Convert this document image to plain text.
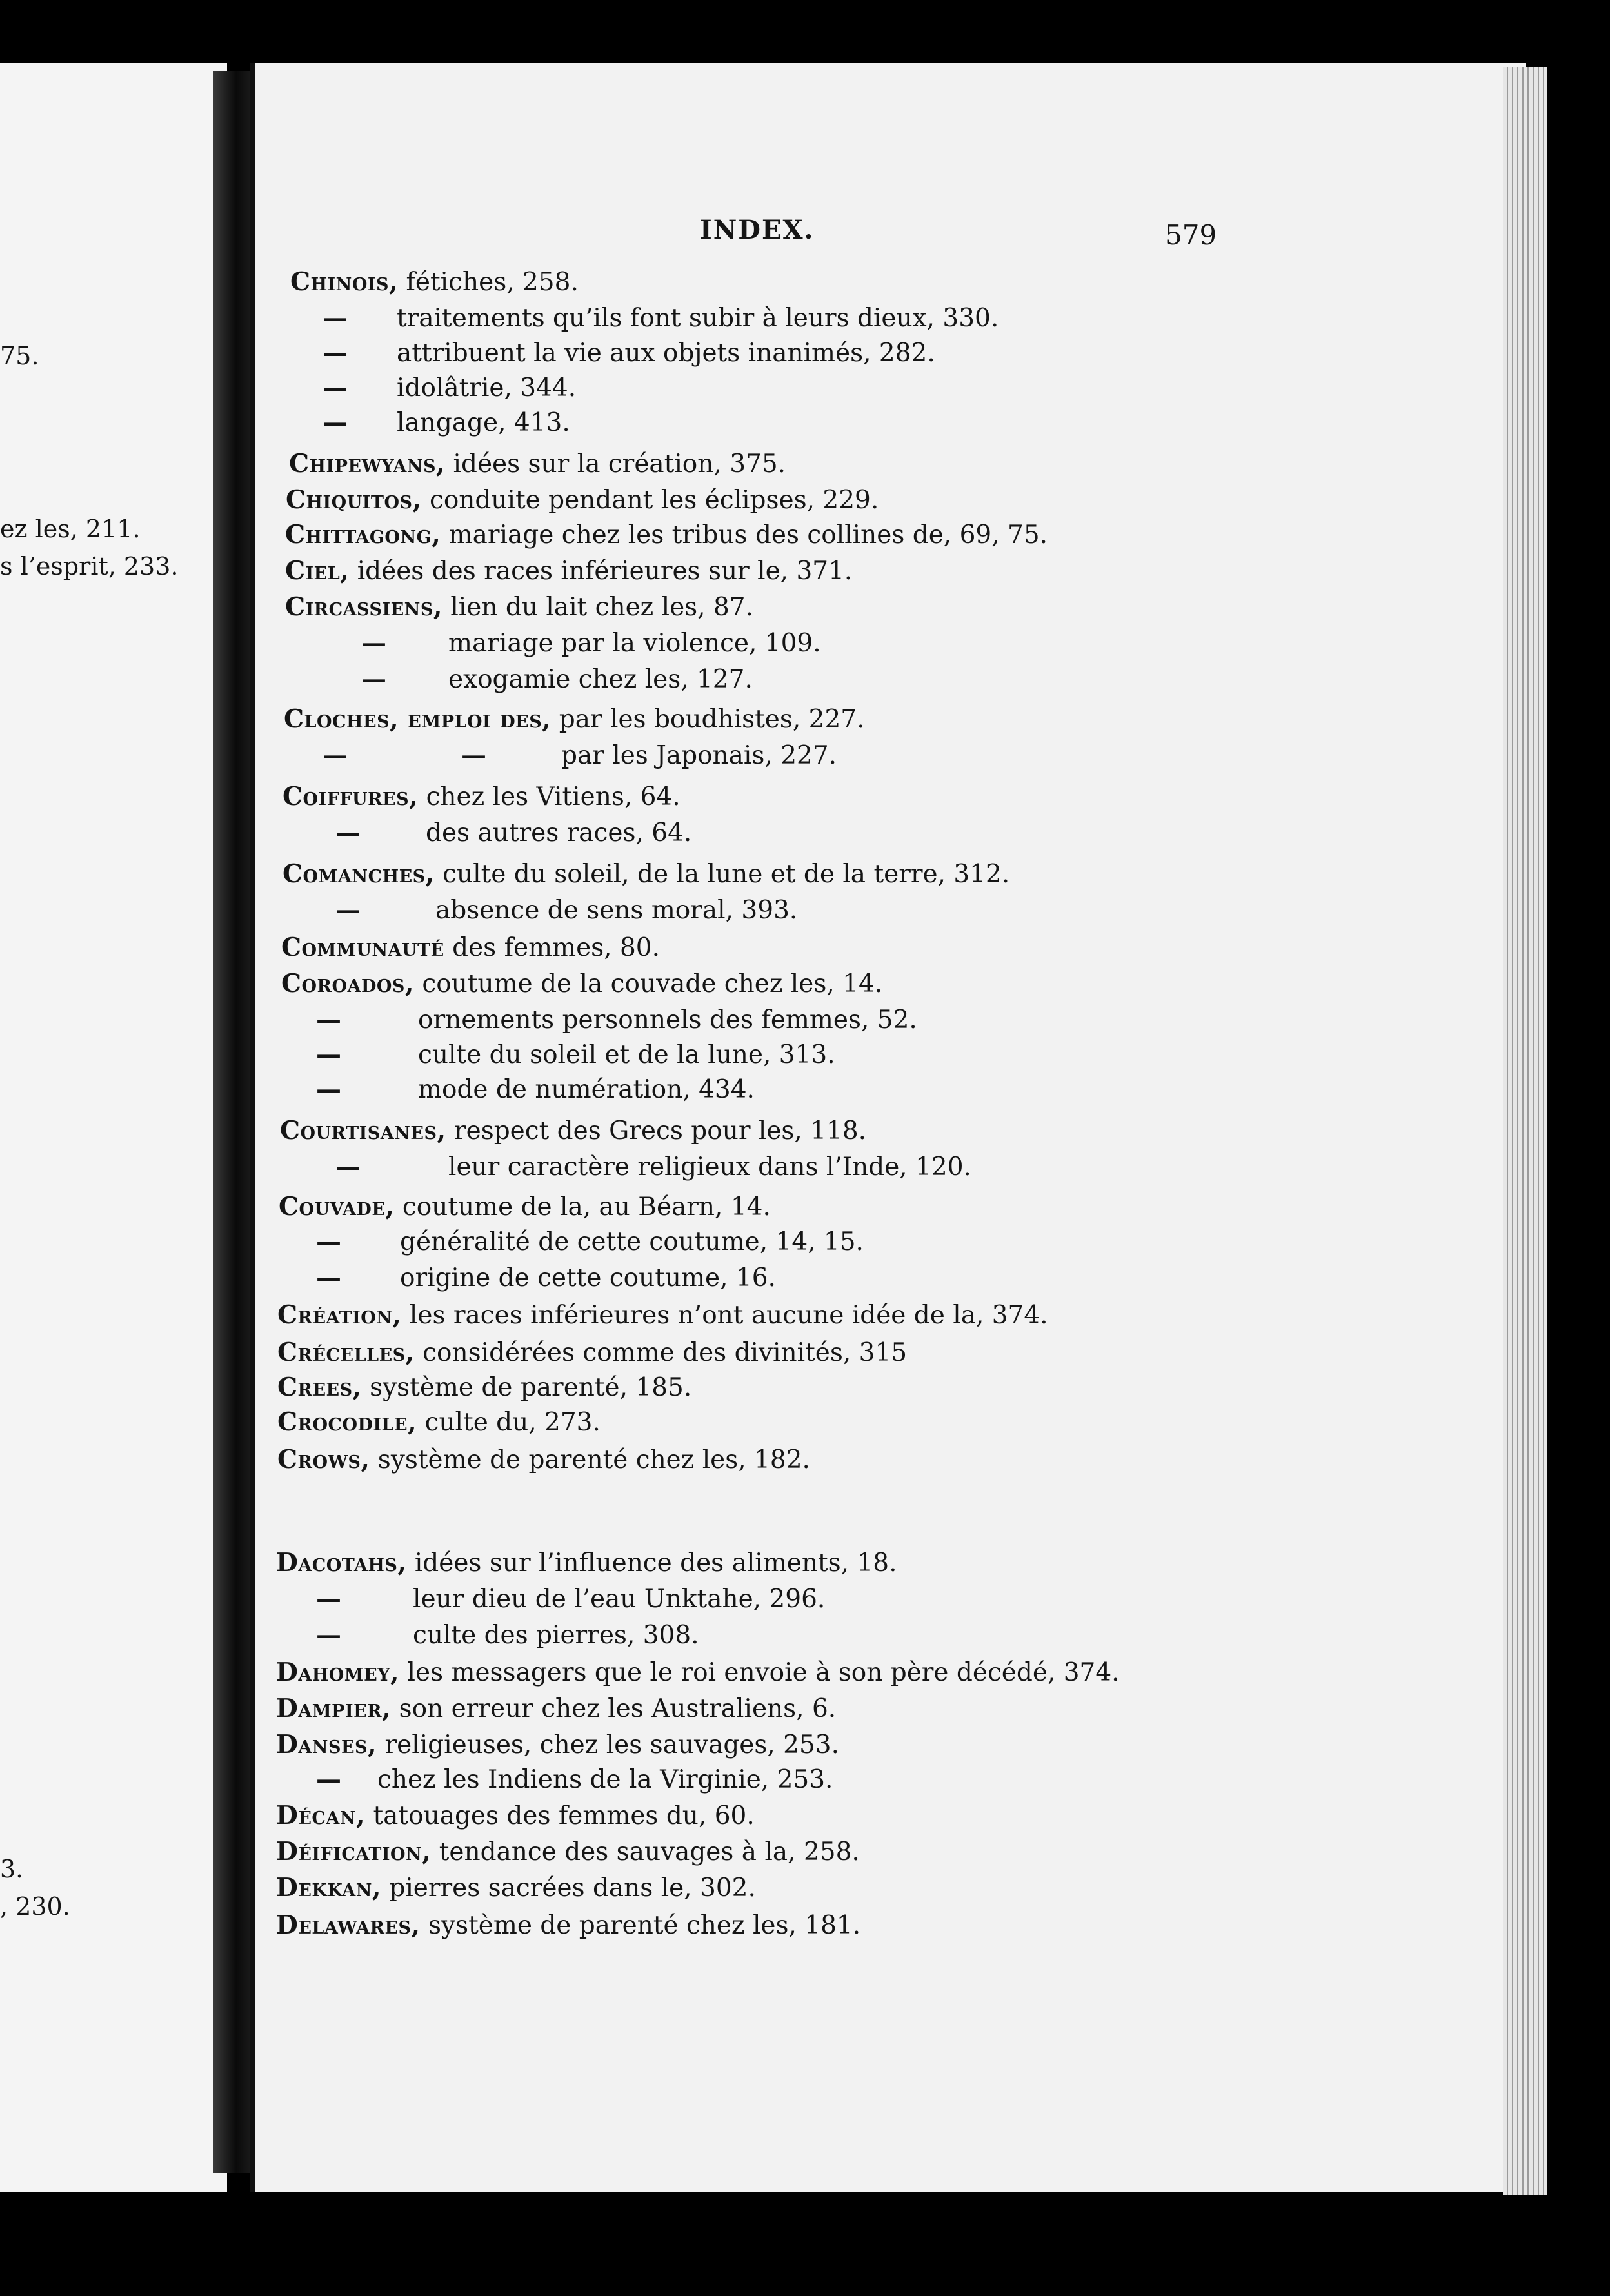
75.
ez les, 211.
s l’esprit, 233.
3.
, 230.
INDEX.	579
Chinois, fétiches, 258.
— traitements qu’ils font subir à leurs dieux, 330.
— attribuent la vie aux objets inanimés, 282.
— idolâtrie, 344.
— langage, 413.
Chipewyans, idées sur la création, 375.
Chiquitos, conduite pendant les éclipses, 229.
Chittagong, mariage chez les tribus des collines de, 69, 75.
Ciel, idées des races inférieures sur le, 371.
Circassiens, lien du lait chez les, 87.
— mariage par la violence, 109.
— exogamie chez les, 127.
Cloches, emploi des, par les boudhistes, 227.
—	—	par les Japonais, 227.
Coiffures, chez les Vitiens, 64.
—	des autres races, 64.
Comanches, culte du soleil, de la lune et de la terre, 312.
—	absence de sens moral, 393.
Communauté des femmes, 80.
Coroados, coutume de la couvade chez les, 14.
—	ornements personnels des femmes, 52.
—	culte du soleil et de la lune, 313.
—	mode de numération, 434.
Courtisanes, respect des Grecs pour les, 118.
—	leur caractère religieux dans l’Inde, 120.
Couvade, coutume de la, au Béarn, 14.
— généralité de cette coutume, 14, 15.
— origine de cette coutume, 16.
Création, les races inférieures n’ont aucune idée de la, 374.
Crécelles, considérées comme des divinités, 315
Crees, système de parenté, 185.
Crocodile, culte du, 273.
Crows, système de parenté chez les, 182.
Dacotahs, idées sur l’influence des aliments, 18.
—	leur dieu de l’eau Unktahe, 296.
—	culte des pierres, 308.
Dahomey, les messagers que le roi envoie à son père décédé, 374.
Dampier, son erreur chez les Australiens, 6.
Danses, religieuses, chez les sauvages, 253.
— chez les Indiens de la Virginie, 253.
Décan, tatouages des femmes du, 60.
Déification, tendance des sauvages à la, 258.
Dekkan, pierres sacrées dans le, 302.
Delawares, système de parenté chez les, 181.
